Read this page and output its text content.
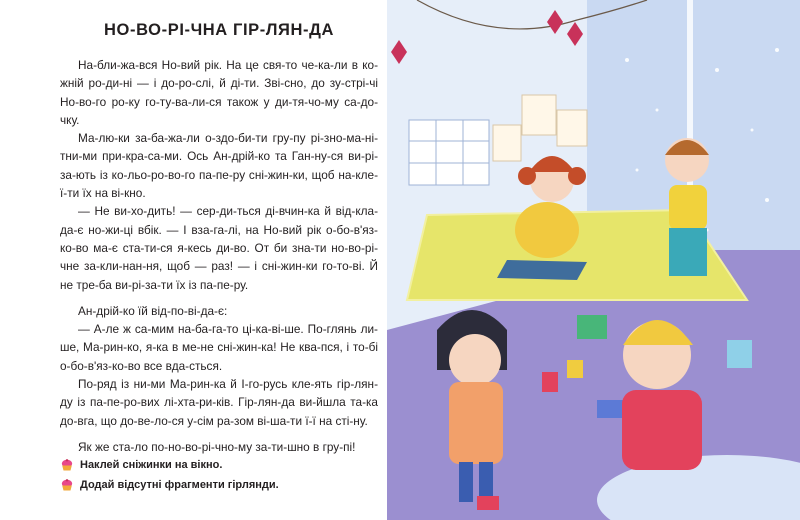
НО-ВО-РІ-ЧНА ГІР-ЛЯН-ДА

На-бли-жа-вся Но-вий рік. На це свя-то че-ка-ли в ко-жній ро-ди-ні — і до-ро-слі, й ді-ти. Зві-сно, до зу-стрі-чі Но-во-го ро-ку го-ту-ва-ли-ся також у ди-тя-чо-му са-до-чку.

Ма-лю-ки за-ба-жа-ли о-здо-би-ти гру-пу рі-зно-ма-ні-тни-ми при-кра-са-ми. Ось Ан-дрій-ко та Ган-ну-ся ви-рі-за-ють із ко-льо-ро-во-го па-пе-ру сні-жин-ки, щоб на-кле-ї-ти їх на ві-кно.

— Не ви-хо-дить! — сер-ди-ться ді-вчин-ка й від-кла-да-є но-жи-ці вбік. — І вза-га-лі, на Но-вий рік о-бо-в'яз-ко-во ма-є ста-ти-ся я-кесь ди-во. От би зна-ти но-во-рі-чне за-кли-нан-ня, щоб — раз! — і сні-жин-ки го-то-ві. Й не тре-ба ви-рі-за-ти їх із па-пе-ру.

Ан-дрій-ко їй від-по-ві-да-є:

— А-ле ж са-мим на-ба-га-то ці-ка-ві-ше. По-глянь ли-ше, Ма-рин-ко, я-ка в ме-не сні-жин-ка! Не ква-пся, і то-бі о-бо-в'яз-ко-во все вда-сться.

По-ряд із ни-ми Ма-рин-ка й І-го-русь кле-ять гір-лян-ду із па-пе-ро-вих лі-хта-ри-ків. Гір-лян-да ви-йшла та-ка до-вга, що до-ве-ло-ся у-сім ра-зом ві-ша-ти ї-ї на сті-ну.

Як же ста-ло по-но-во-рі-чно-му за-ти-шно в гру-пі!

Наклей сніжинки на вікно.
Додай відсутні фрагменти гірлянди.
